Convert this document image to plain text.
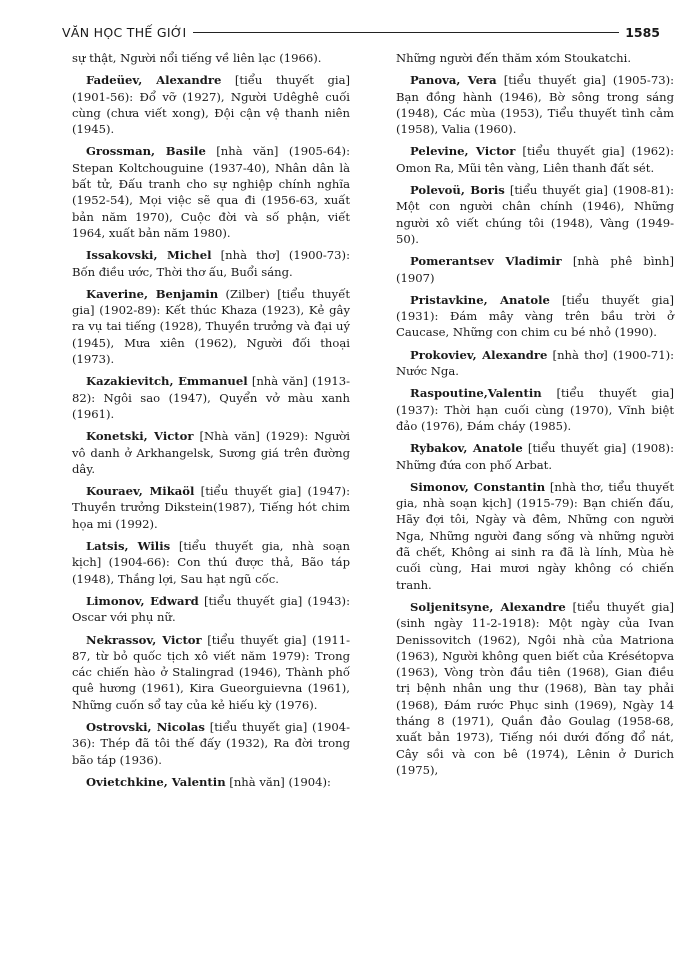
VĂN HỌC THẾ GIỚI	1585

sự thật, Người nổi tiếng về liên lạc (1966).

Fadeüev, Alexandre [tiểu thuyết gia] (1901-56): Đổ vỡ (1927), Người Udêghê cuối cùng (chưa viết xong), Đội cận vệ thanh niên (1945).

Grossman, Basile [nhà văn] (1905-64): Stepan Koltchouguine (1937-40), Nhân dân là bất tử, Đấu tranh cho sự nghiệp chính nghĩa (1952-54), Mọi việc sẽ qua đi (1956-63, xuất bản năm 1970), Cuộc đời và số phận, viết 1964, xuất bản năm 1980).

Issakovski, Michel [nhà thơ] (1900-73): Bốn điều ước, Thời thơ ấu, Buổi sáng.

Kaverine, Benjamin (Zilber) [tiểu thuyết gia] (1902-89): Kết thúc Khaza (1923), Kẻ gây ra vụ tai tiếng (1928), Thuyền trưởng và đại uý (1945), Mưa xiên (1962), Người đối thoại (1973).

Kazakievitch, Emmanuel [nhà văn] (1913-82): Ngôi sao (1947), Quyển vở màu xanh (1961).

Konetski, Victor [Nhà văn] (1929): Người vô danh ở Arkhangelsk, Sương giá trên đường dây.

Kouraev, Mikaöl [tiểu thuyết gia] (1947): Thuyền trưởng Dikstein(1987), Tiếng hót chim họa mi (1992).

Latsis, Wilis [tiểu thuyết gia, nhà soạn kịch] (1904-66): Con thú được thả, Bão táp (1948), Thắng lợi, Sau hạt ngũ cốc.

Limonov, Edward [tiểu thuyết gia] (1943): Oscar với phụ nữ.

Nekrassov, Victor [tiểu thuyết gia] (1911-87, từ bỏ quốc tịch xô viết năm 1979): Trong các chiến hào ở Stalingrad (1946), Thành phố quê hương (1961), Kira Gueorguievna (1961), Những cuốn sổ tay của kẻ hiếu kỳ (1976).

Ostrovski, Nicolas [tiểu thuyết gia] (1904-36): Thép đã tôi thế đấy (1932), Ra đời trong bão táp (1936).

Ovietchkine, Valentin [nhà văn] (1904):

Những người đến thăm xóm Stoukatchi.

Panova, Vera [tiểu thuyết gia] (1905-73): Bạn đồng hành (1946), Bờ sông trong sáng (1948), Các mùa (1953), Tiểu thuyết tình cảm (1958), Valia (1960).

Pelevine, Victor [tiểu thuyết gia] (1962): Omon Ra, Mũi tên vàng, Liên thanh đất sét.

Polevoü, Boris [tiểu thuyết gia] (1908-81): Một con người chân chính (1946), Những người xô viết chúng tôi (1948), Vàng (1949-50).

Pomerantsev Vladimir [nhà phê bình] (1907)

Pristavkine, Anatole [tiểu thuyết gia] (1931): Đám mây vàng trên bầu trời ở Caucase, Những con chim cu bé nhỏ (1990).

Prokoviev, Alexandre [nhà thơ] (1900-71): Nước Nga.

Raspoutine,Valentin [tiểu thuyết gia] (1937): Thời hạn cuối cùng (1970), Vĩnh biệt đảo (1976), Đám cháy (1985).

Rybakov, Anatole [tiểu thuyết gia] (1908): Những đứa con phố Arbat.

Simonov, Constantin [nhà thơ, tiểu thuyết gia, nhà soạn kịch] (1915-79): Bạn chiến đấu, Hãy đợi tôi, Ngày và đêm, Những con người Nga, Những người đang sống và những người đã chết, Không ai sinh ra đã là lính, Mùa hè cuối cùng, Hai mươi ngày không có chiến tranh.

Soljenitsyne, Alexandre [tiểu thuyết gia] (sinh ngày 11-2-1918): Một ngày của Ivan Denissovitch (1962), Ngôi nhà của Matriona (1963), Người không quen biết của Krésétopva (1963), Vòng tròn đầu tiên (1968), Gian điều trị bệnh nhân ung thư (1968), Bàn tay phải (1968), Đám rước Phục sinh (1969), Ngày 14 tháng 8 (1971), Quần đảo Goulag (1958-68, xuất bản 1973), Tiếng nói dưới đống đổ nát, Cây sồi và con bê (1974), Lênin ở Durich (1975),
